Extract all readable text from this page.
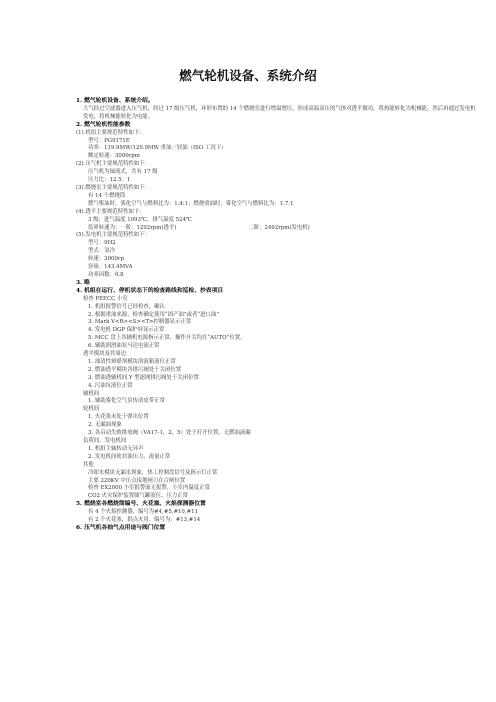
燃气轮机设备、系统介绍
1. 燃气轮机设备、系统介绍。
大气经过空滤器进入压气机，经过 17 级压气机，环形布置的 14 个燃烧室进行增温增压，形成高温高压的气体对透平做功，将热能转化为机械能，然后再通过发电机发电，将机械能转化为电能。
2. 燃气轮机性能参数
(1).机组主要规范特性如下：
型号：PG9171E
功率：119.9MW/120.9MW 重油／轻油（ISO 工况下）
额定转速：3000rpm
(2).压气机主要规范特性如下：
压气机为轴流式，共有 17 级
压力比：12.5：1
(3).燃烧室主要规范特性如下：
有 14 个燃烧筒
燃气柴油时，雾化空气与燃料比为：1.4:1；燃烧重油时，雾化空气与燃料比为：1.7:1
(4).透平主要规范特性如下：
3 级；进气温度 1093℃，排气温度 524℃
监界转速为：一阶：1292rpm(透平)	二阶：2492rpm(发电机)
(5).发电机主要规范特性如下：
型号：9H2
型式：氢冷
转速：3000rp
容量：143.4MVA
功率因数：0.8
3. 略
4. 机组在运行、停机状态下的检查路线和巡检、抄表项目
检查 PEECC 小室
1. 机组报警信号已经检查，确认
2. 根据重油来源，检查确定使用“固产油”或者“进口油”
3. Mark V<R><S><T>控制器显示正常
4. 发电机 DGP 保护屏显示正常
5. MCC 盘上各辅机电源指示正常，操作开关均在“AUTO”位置。
6. 辅助润滑油泵马达电流正常
透平模块及其周边
1. 油清性辩联剂模块溶液箱液位正常
2. 燃油透平模块各排污阀处于关闭位置
3. 燃油透辅机间 Y 型滤网排污阀处于关闭位置
4. 污油坑液位正常
辅机间
1. 辅助雾化空气泵传动皮带正常
轮机间
1. 火花塞未处于弹出位置
2. 无漏油现象
3. 各启动失败排放阀（VA17-1，2，5）处于打开位置，无燃油滴漏
负荷间、发电机间
1. 机组主轴转动无异声
2. 发电机间密封油压力、流量正常
其他
冷却水模块无漏水现象，热工控制盘信号及指示灯正常
主要 220KV 中压点接地闸刀在合闸位置
检查 EX2000 小室报警面无报警，小室内温度正常
CO2 火灾保护装置储气罐液位、压力正常
5. 燃烧室各燃烧筒编号、火花塞、火焰探测器位置
有 4 个火焰控测器，编号为#4,#5,#10,#11
有 2 个火花塞，供点火用。编号为：#13,#14
6. 压气机各抽气点用途与阀门位置
